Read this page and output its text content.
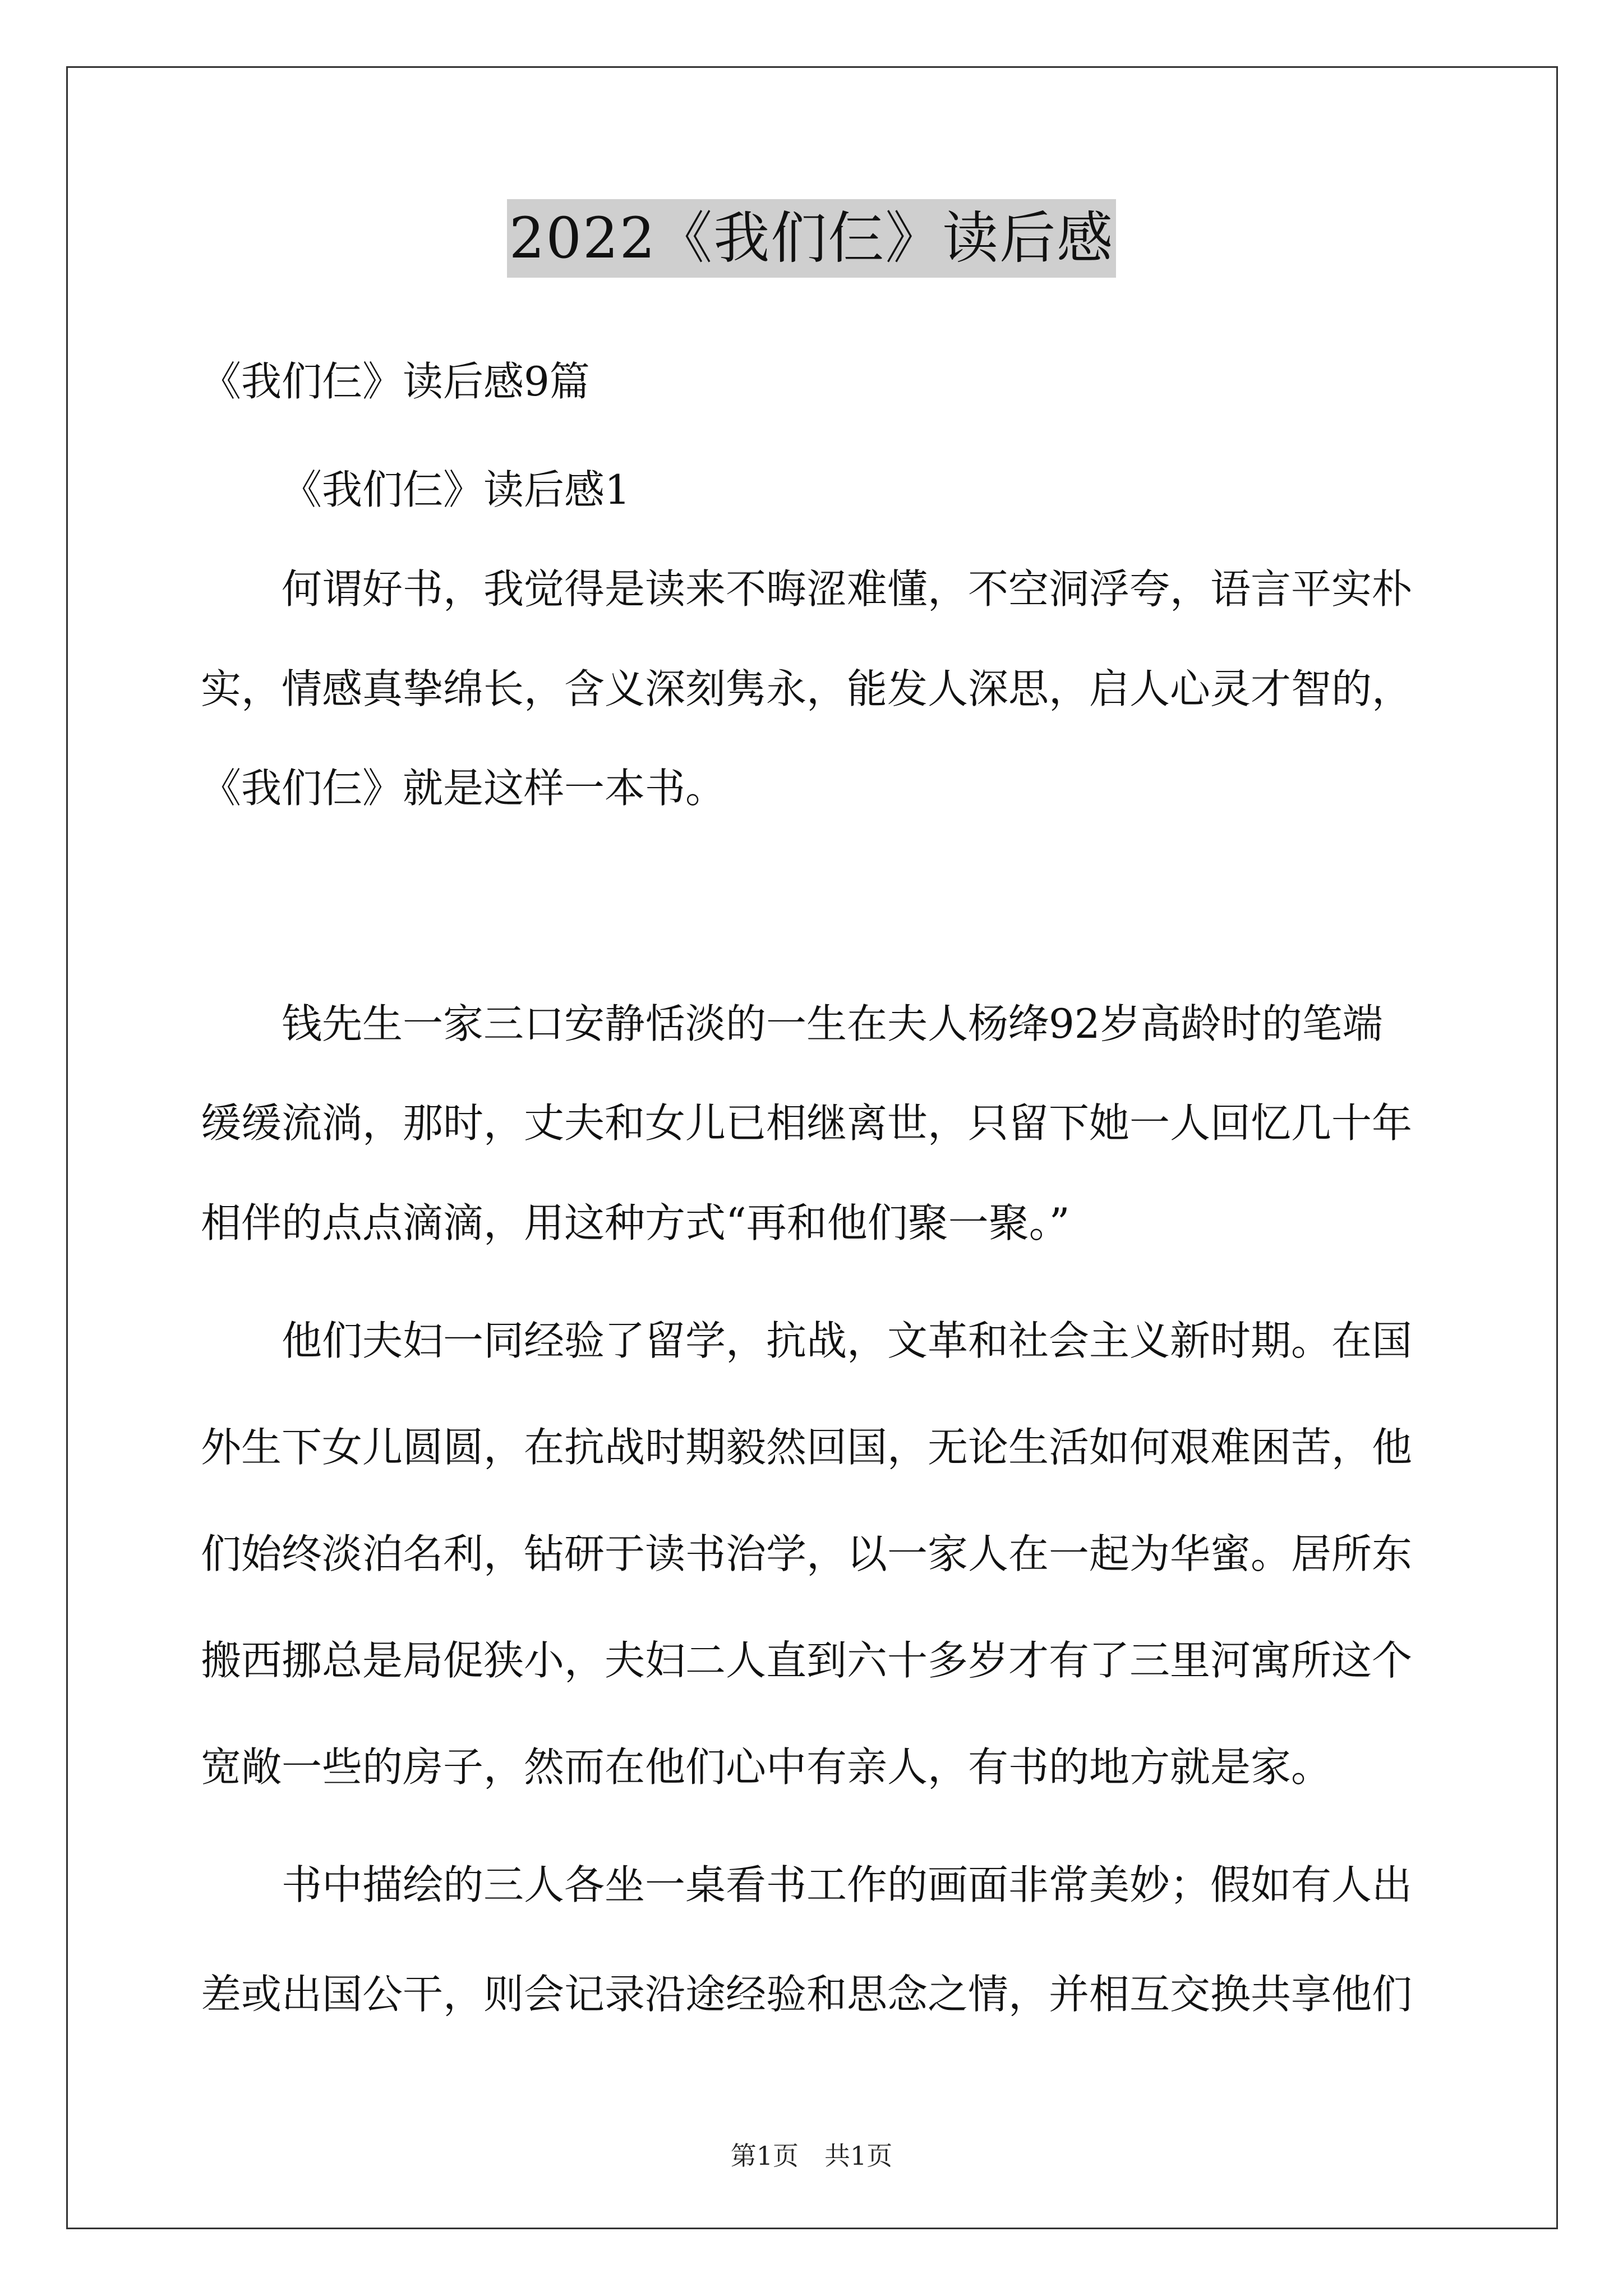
2022《我们仨》读后感
《我们仨》读后感9篇
《我们仨》读后感1
何谓好书，我觉得是读来不晦涩难懂，不空洞浮夸，语言平实朴
实，情感真挚绵长，含义深刻隽永，能发人深思，启人心灵才智的，
《我们仨》就是这样一本书。
钱先生一家三口安静恬淡的一生在夫人杨绛92岁高龄时的笔端
缓缓流淌，那时，丈夫和女儿已相继离世，只留下她一人回忆几十年
相伴的点点滴滴，用这种方式“再和他们聚一聚。”
他们夫妇一同经验了留学，抗战，文革和社会主义新时期。在国
外生下女儿圆圆，在抗战时期毅然回国，无论生活如何艰难困苦，他
们始终淡泊名利，钻研于读书治学，以一家人在一起为华蜜。居所东
搬西挪总是局促狭小，夫妇二人直到六十多岁才有了三里河寓所这个
宽敞一些的房子，然而在他们心中有亲人，有书的地方就是家。
书中描绘的三人各坐一桌看书工作的画面非常美妙；假如有人出
差或出国公干，则会记录沿途经验和思念之情，并相互交换共享他们
第1页　共1页
